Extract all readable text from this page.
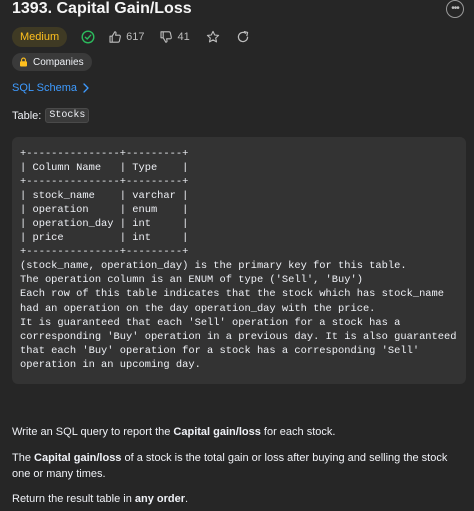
1393. Capital Gain/Loss	•••
Medium	617	41
Companies
SQL Schema
Table: Stocks
+---------------+---------+
| Column Name   | Type    |
+---------------+---------+
| stock_name    | varchar |
| operation     | enum    |
| operation_day | int     |
| price         | int     |
+---------------+---------+
(stock_name, operation_day) is the primary key for this table.
The operation column is an ENUM of type ('Sell', 'Buy')
Each row of this table indicates that the stock which has stock_name
had an operation on the day operation_day with the price.
It is guaranteed that each 'Sell' operation for a stock has a
corresponding 'Buy' operation in a previous day. It is also guaranteed
that each 'Buy' operation for a stock has a corresponding 'Sell'
operation in an upcoming day.

Write an SQL query to report the Capital gain/loss for each stock.

The Capital gain/loss of a stock is the total gain or loss after buying and selling the stock one or many times.

Return the result table in any order.
